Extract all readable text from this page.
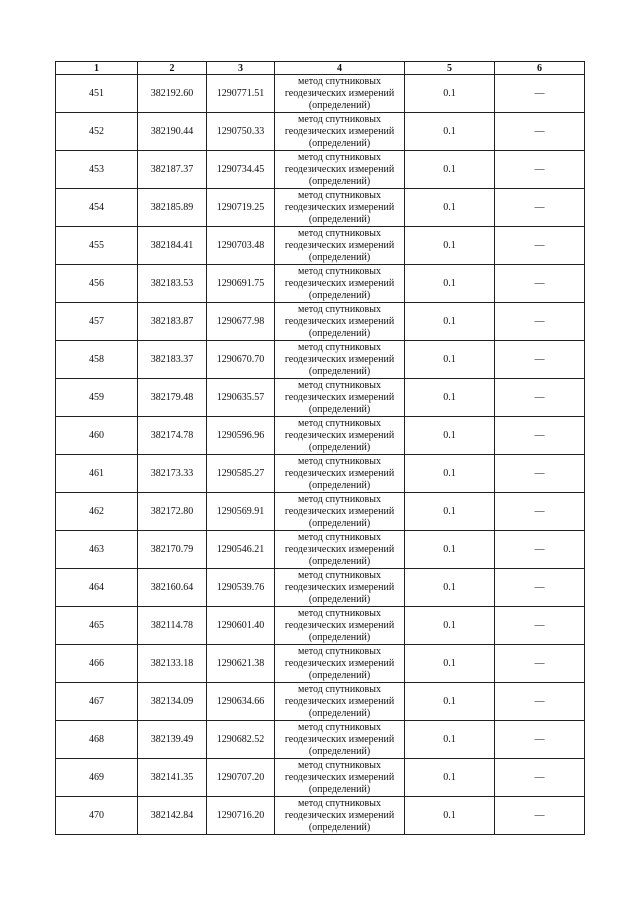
1	2	3	4	5	6
451	382192.60	1290771.51	метод спутниковых геодезических измерений (определений)	0.1	—
452	382190.44	1290750.33	метод спутниковых геодезических измерений (определений)	0.1	—
453	382187.37	1290734.45	метод спутниковых геодезических измерений (определений)	0.1	—
454	382185.89	1290719.25	метод спутниковых геодезических измерений (определений)	0.1	—
455	382184.41	1290703.48	метод спутниковых геодезических измерений (определений)	0.1	—
456	382183.53	1290691.75	метод спутниковых геодезических измерений (определений)	0.1	—
457	382183.87	1290677.98	метод спутниковых геодезических измерений (определений)	0.1	—
458	382183.37	1290670.70	метод спутниковых геодезических измерений (определений)	0.1	—
459	382179.48	1290635.57	метод спутниковых геодезических измерений (определений)	0.1	—
460	382174.78	1290596.96	метод спутниковых геодезических измерений (определений)	0.1	—
461	382173.33	1290585.27	метод спутниковых геодезических измерений (определений)	0.1	—
462	382172.80	1290569.91	метод спутниковых геодезических измерений (определений)	0.1	—
463	382170.79	1290546.21	метод спутниковых геодезических измерений (определений)	0.1	—
464	382160.64	1290539.76	метод спутниковых геодезических измерений (определений)	0.1	—
465	382114.78	1290601.40	метод спутниковых геодезических измерений (определений)	0.1	—
466	382133.18	1290621.38	метод спутниковых геодезических измерений (определений)	0.1	—
467	382134.09	1290634.66	метод спутниковых геодезических измерений (определений)	0.1	—
468	382139.49	1290682.52	метод спутниковых геодезических измерений (определений)	0.1	—
469	382141.35	1290707.20	метод спутниковых геодезических измерений (определений)	0.1	—
470	382142.84	1290716.20	метод спутниковых геодезических измерений (определений)	0.1	—
